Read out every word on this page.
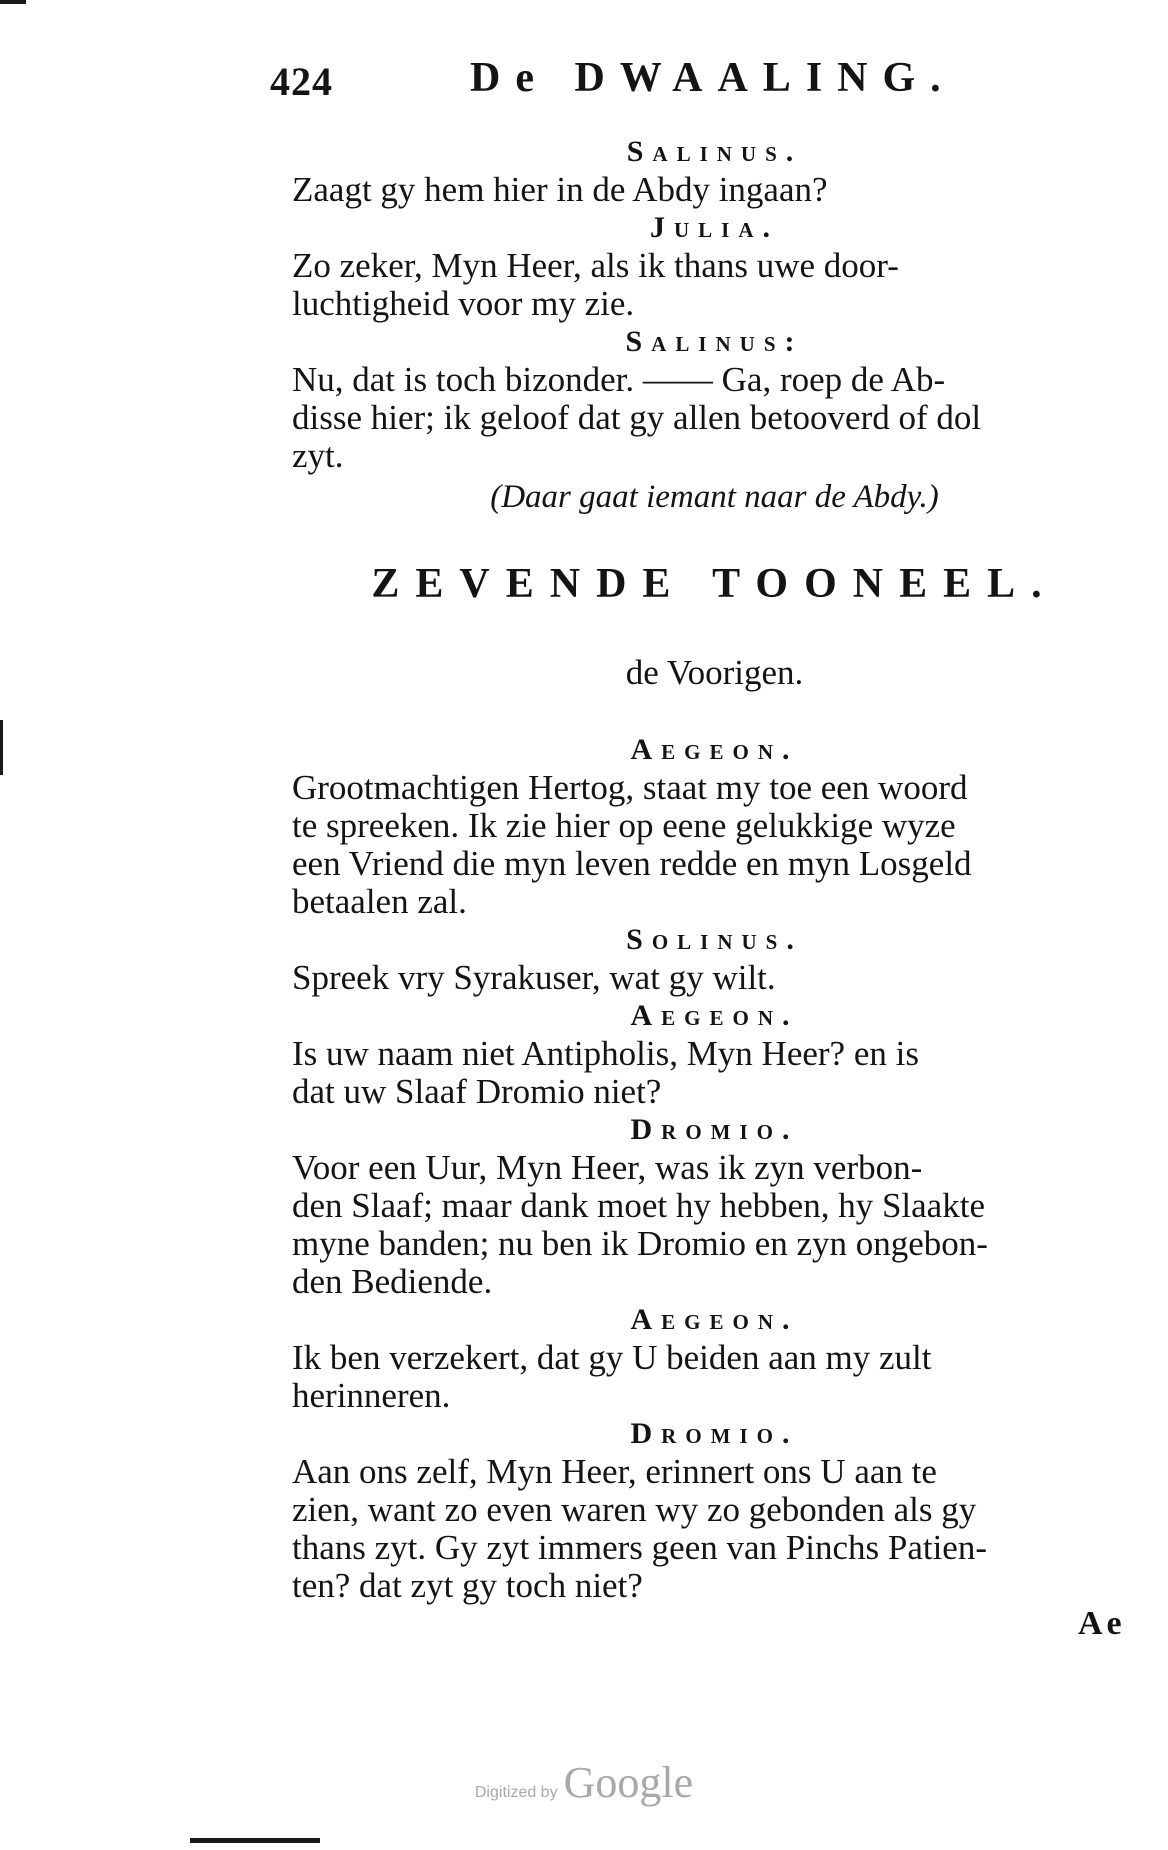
424	De DWAALING.
Salinus.
Zaagt gy hem hier in de Abdy ingaan?
Julia.
Zo zeker, Myn Heer, als ik thans uwe door-
luchtigheid voor my zie.
Salinus:
Nu, dat is toch bizonder. —— Ga, roep de Ab-
disse hier; ik geloof dat gy allen betooverd of dol
zyt.
(Daar gaat iemant naar de Abdy.)
ZEVENDE TOONEEL.
de Voorigen.
Aegeon.
Grootmachtigen Hertog, staat my toe een woord
te spreeken. Ik zie hier op eene gelukkige wyze
een Vriend die myn leven redde en myn Losgeld
betaalen zal.
Solinus.
Spreek vry Syrakuser, wat gy wilt.
Aegeon.
Is uw naam niet Antipholis, Myn Heer? en is
dat uw Slaaf Dromio niet?
Dromio.
Voor een Uur, Myn Heer, was ik zyn verbon-
den Slaaf; maar dank moet hy hebben, hy Slaakte
myne banden; nu ben ik Dromio en zyn ongebon-
den Bediende.
Aegeon.
Ik ben verzekert, dat gy U beiden aan my zult
herinneren.
Dromio.
Aan ons zelf, Myn Heer, erinnert ons U aan te
zien, want zo even waren wy zo gebonden als gy
thans zyt. Gy zyt immers geen van Pinchs Patien-
ten? dat zyt gy toch niet?
Ae
Digitized by Google
